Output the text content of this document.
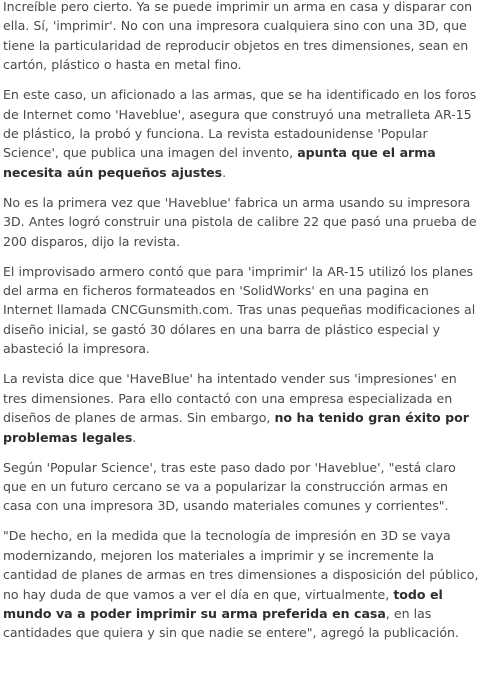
Increíble pero cierto. Ya se puede imprimir un arma en casa y disparar con ella. Sí, 'imprimir'. No con una impresora cualquiera sino con una 3D, que tiene la particularidad de reproducir objetos en tres dimensiones, sean en cartón, plástico o hasta en metal fino.

En este caso, un aficionado a las armas, que se ha identificado en los foros de Internet como 'Haveblue', asegura que construyó una metralleta AR-15 de plástico, la probó y funciona. La revista estadounidense 'Popular Science', que publica una imagen del invento, apunta que el arma necesita aún pequeños ajustes.

No es la primera vez que 'Haveblue' fabrica un arma usando su impresora 3D. Antes logró construir una pistola de calibre 22 que pasó una prueba de 200 disparos, dijo la revista.

El improvisado armero contó que para 'imprimir' la AR-15 utilizó los planes del arma en ficheros formateados en 'SolidWorks' en una pagina en Internet llamada CNCGunsmith.com. Tras unas pequeñas modificaciones al diseño inicial, se gastó 30 dólares en una barra de plástico especial y abasteció la impresora.

La revista dice que 'HaveBlue' ha intentado vender sus 'impresiones' en tres dimensiones. Para ello contactó con una empresa especializada en diseños de planes de armas. Sin embargo, no ha tenido gran éxito por problemas legales.

Según 'Popular Science', tras este paso dado por 'Haveblue', "está claro que en un futuro cercano se va a popularizar la construcción armas en casa con una impresora 3D, usando materiales comunes y corrientes".

"De hecho, en la medida que la tecnología de impresión en 3D se vaya modernizando, mejoren los materiales a imprimir y se incremente la cantidad de planes de armas en tres dimensiones a disposición del público, no hay duda de que vamos a ver el día en que, virtualmente, todo el mundo va a poder imprimir su arma preferida en casa, en las cantidades que quiera y sin que nadie se entere", agregó la publicación.
